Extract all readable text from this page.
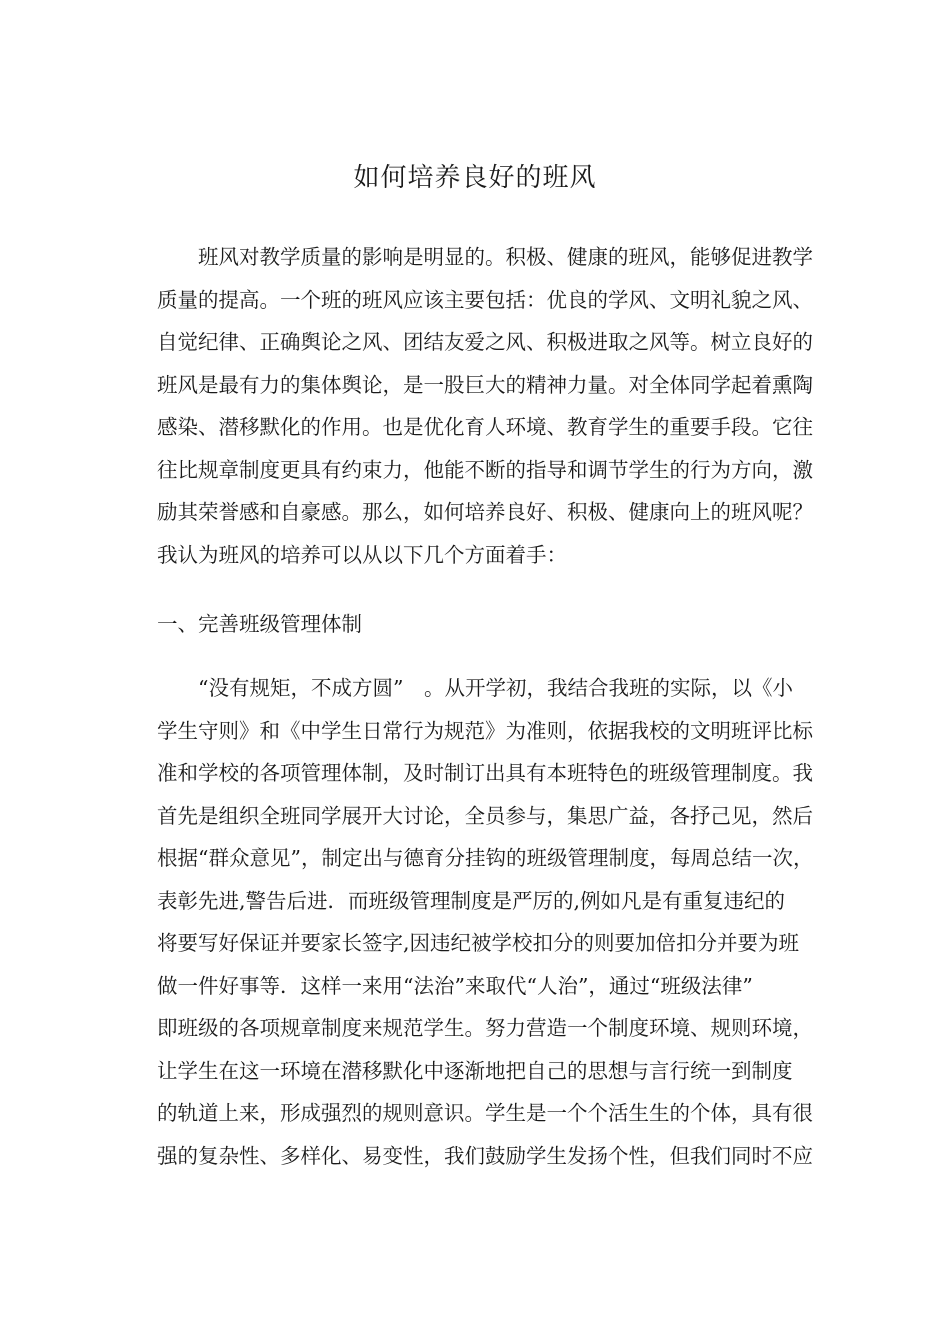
如何培养良好的班风
　　班风对教学质量的影响是明显的。积极、健康的班风，能够促进教学
质量的提高。一个班的班风应该主要包括：优良的学风、文明礼貌之风、
自觉纪律、正确舆论之风、团结友爱之风、积极进取之风等。树立良好的
班风是最有力的集体舆论，是一股巨大的精神力量。对全体同学起着熏陶
感染、潜移默化的作用。也是优化育人环境、教育学生的重要手段。它往
往比规章制度更具有约束力，他能不断的指导和调节学生的行为方向，激
励其荣誉感和自豪感。那么，如何培养良好、积极、健康向上的班风呢？
我认为班风的培养可以从以下几个方面着手：
一、完善班级管理体制
　　“没有规矩，不成方圆”　。从开学初，我结合我班的实际，以《小
学生守则》和《中学生日常行为规范》为准则，依据我校的文明班评比标
准和学校的各项管理体制，及时制订出具有本班特色的班级管理制度。我
首先是组织全班同学展开大讨论，全员参与，集思广益，各抒己见，然后
根据“群众意见”，制定出与德育分挂钩的班级管理制度，每周总结一次，
表彰先进,警告后进．而班级管理制度是严厉的,例如凡是有重复违纪的
将要写好保证并要家长签字,因违纪被学校扣分的则要加倍扣分并要为班
做一件好事等．这样一来用“法治”来取代“人治”，通过“班级法律”
即班级的各项规章制度来规范学生。努力营造一个制度环境、规则环境，
让学生在这一环境在潜移默化中逐渐地把自己的思想与言行统一到制度
的轨道上来，形成强烈的规则意识。学生是一个个活生生的个体，具有很
强的复杂性、多样化、易变性，我们鼓励学生发扬个性，但我们同时不应
